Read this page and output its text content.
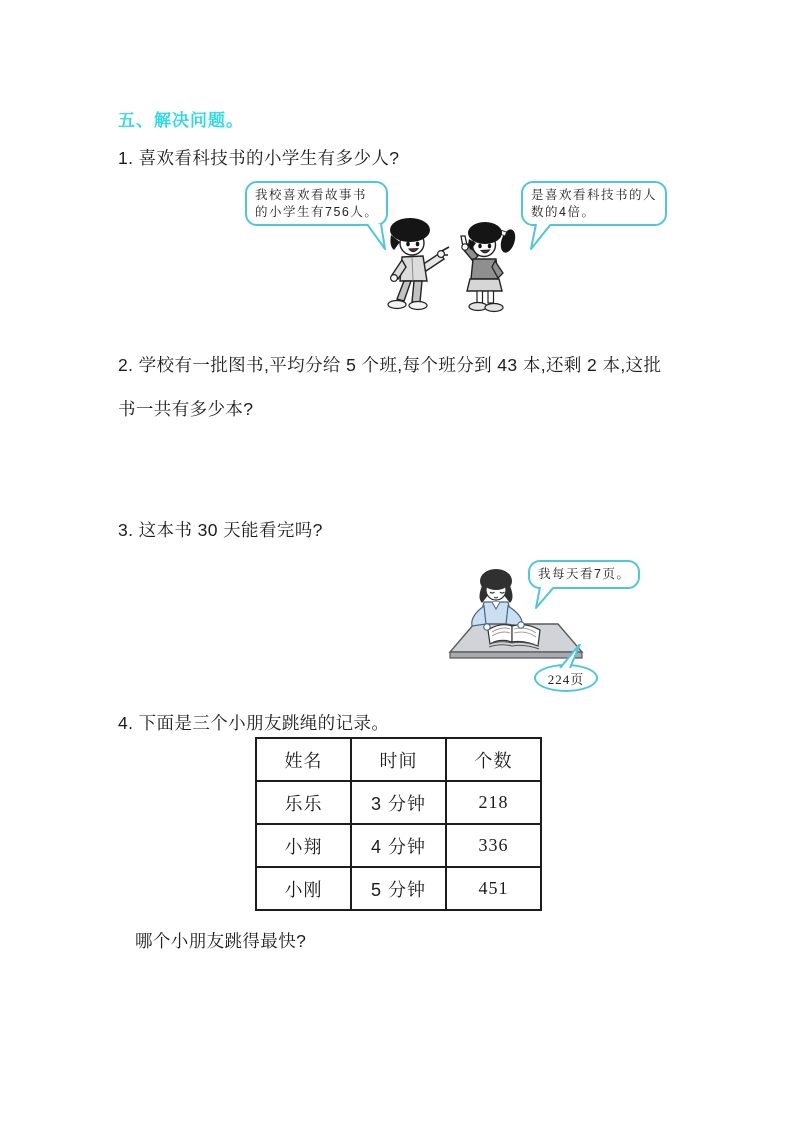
五、解决问题。
1. 喜欢看科技书的小学生有多少人?
我校喜欢看故事书
的小学生有756人。
是喜欢看科技书的人
数的4倍。
2. 学校有一批图书,平均分给 5 个班,每个班分到 43 本,还剩 2 本,这批
书一共有多少本?
3. 这本书 30 天能看完吗?
我每天看7页。
224页
4. 下面是三个小朋友跳绳的记录。
姓名	时间	个数
乐乐	3 分钟	218
小翔	4 分钟	336
小刚	5 分钟	451
哪个小朋友跳得最快?
